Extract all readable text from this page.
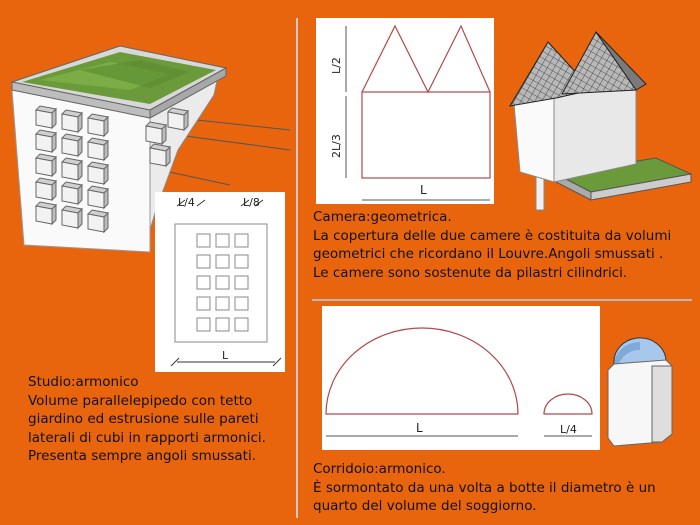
L/4	L/8
L
Studio:armonico
Volume parallelepipedo con tetto
giardino ed estrusione sulle pareti
laterali di cubi in rapporti armonici.
Presenta sempre angoli smussati.
L/2
2L/3
L
Camera:geometrica.
La copertura delle due camere è costituita da volumi
geometrici che ricordano il Louvre.Angoli smussati .
Le camere sono sostenute da pilastri cilindrici.
L	L/4
Corridoio:armonico.
È sormontato da una volta a botte il diametro è un
quarto del volume del soggiorno.
